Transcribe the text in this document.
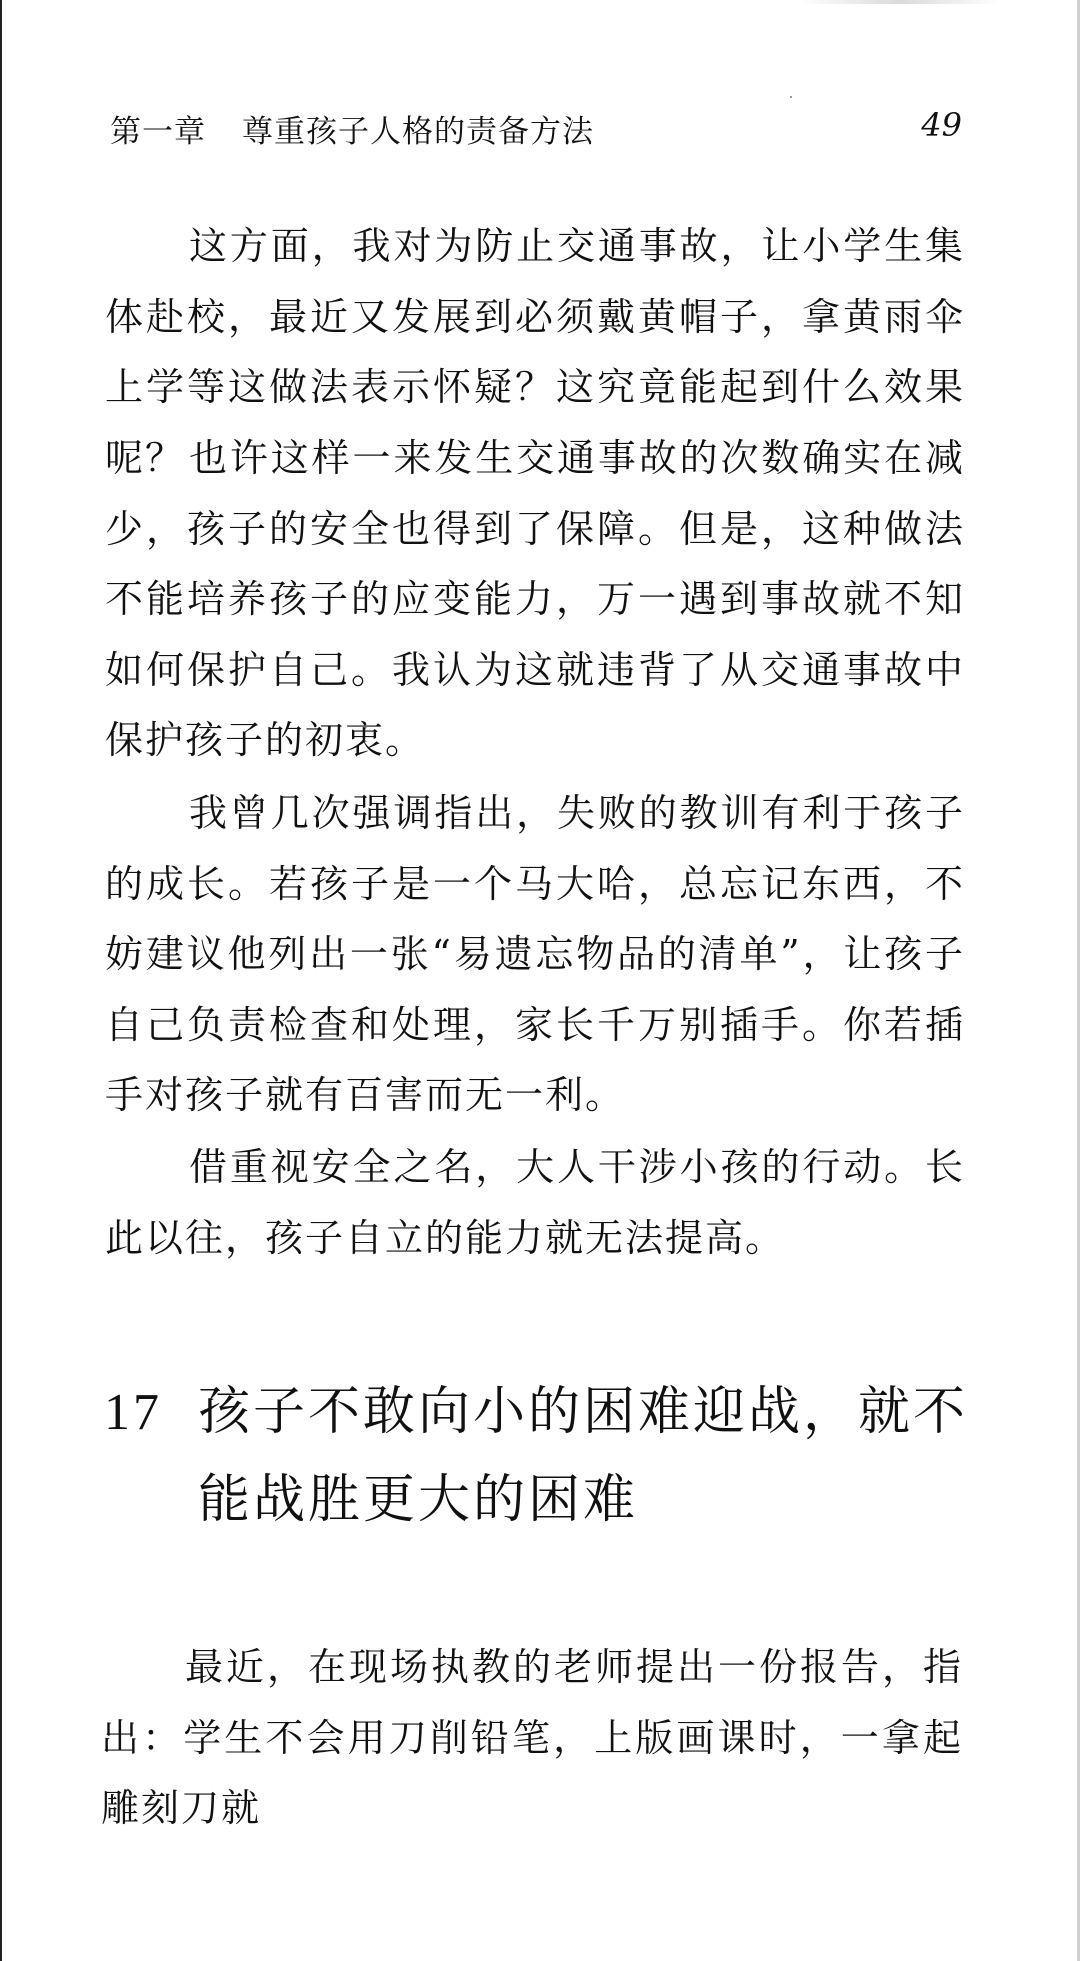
第一章 尊重孩子人格的责备方法	49

这方面，我对为防止交通事故，让小学生集体赴校，最近又发展到必须戴黄帽子，拿黄雨伞上学等这做法表示怀疑？这究竟能起到什么效果呢？ 也许这样一来发生交通事故的次数确实在减少，孩子的安全也得到了保障。但是，这种做法不能培养孩子的应变能力，万一遇到事故就不知如何保护自己。我认为这就违背了从交通事故中保护孩子的初衷。

我曾几次强调指出，失败的教训有利于孩子的成长。若孩子是一个马大哈，总忘记东西，不妨建议他列出一张“易遗忘物品的清单”，让孩子自己负责检查和处理，家长千万别插手。你若插手对孩子就有百害而无一利。

借重视安全之名，大人干涉小孩的行动。长此以往，孩子自立的能力就无法提高。

17 孩子不敢向小的困难迎战，就不能战胜更大的困难

最近，在现场执教的老师提出一份报告，指出：学生不会用刀削铅笔，上版画课时，一拿起雕刻刀就
